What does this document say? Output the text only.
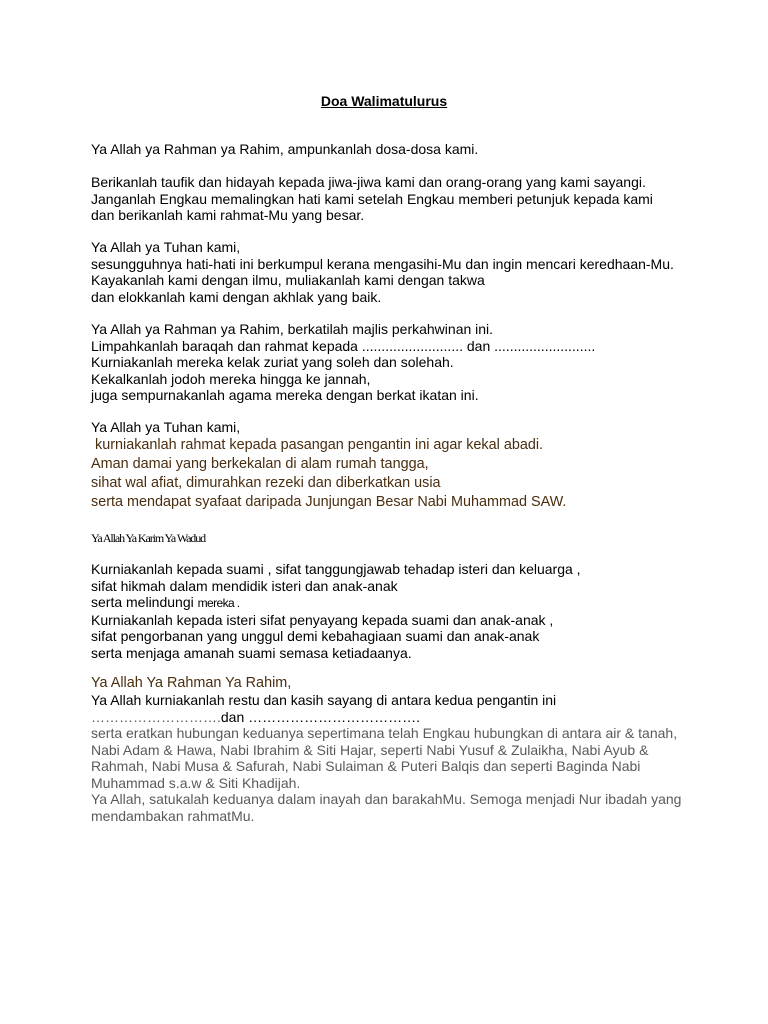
Doa Walimatulurus
Ya Allah ya Rahman ya Rahim, ampunkanlah dosa-dosa kami.
Berikanlah taufik dan hidayah kepada jiwa-jiwa kami dan orang-orang yang kami sayangi.
Janganlah Engkau memalingkan hati kami setelah Engkau memberi petunjuk kepada kami
dan berikanlah kami rahmat-Mu yang besar.
Ya Allah ya Tuhan kami,
sesungguhnya hati-hati ini berkumpul kerana mengasihi-Mu dan ingin mencari keredhaan-Mu.
Kayakanlah kami dengan ilmu, muliakanlah kami dengan takwa
dan elokkanlah kami dengan akhlak yang baik.
Ya Allah ya Rahman ya Rahim, berkatilah majlis perkahwinan ini.
Limpahkanlah baraqah dan rahmat kepada .......................... dan ..........................
Kurniakanlah mereka kelak zuriat yang soleh dan solehah.
Kekalkanlah jodoh mereka hingga ke jannah,
juga sempurnakanlah agama mereka dengan berkat ikatan ini.
Ya Allah ya Tuhan kami,
kurniakanlah rahmat kepada pasangan pengantin ini agar kekal abadi.
Aman damai yang berkekalan di alam rumah tangga,
sihat wal afiat, dimurahkan rezeki dan diberkatkan usia
serta mendapat syafaat daripada Junjungan Besar Nabi Muhammad SAW.
Ya Allah Ya Karim Ya Wadud
Kurniakanlah kepada suami , sifat tanggungjawab tehadap isteri dan keluarga ,
sifat hikmah dalam mendidik isteri dan anak-anak
serta melindungi mereka .
Kurniakanlah kepada isteri sifat penyayang kepada suami dan anak-anak ,
sifat pengorbanan yang unggul demi kebahagiaan suami dan anak-anak
serta menjaga amanah suami semasa ketiadaanya.
Ya Allah Ya Rahman Ya Rahim,
Ya Allah kurniakanlah restu dan kasih sayang di antara kedua pengantin ini
……………………….dan ……………………………….
serta eratkan hubungan keduanya sepertimana telah Engkau hubungkan di antara air & tanah,
Nabi Adam & Hawa, Nabi Ibrahim & Siti Hajar, seperti Nabi Yusuf & Zulaikha, Nabi Ayub &
Rahmah, Nabi Musa & Safurah, Nabi Sulaiman & Puteri Balqis dan seperti Baginda Nabi
Muhammad s.a.w & Siti Khadijah.
Ya Allah, satukalah keduanya dalam inayah dan barakahMu. Semoga menjadi Nur ibadah yang
mendambakan rahmatMu.
